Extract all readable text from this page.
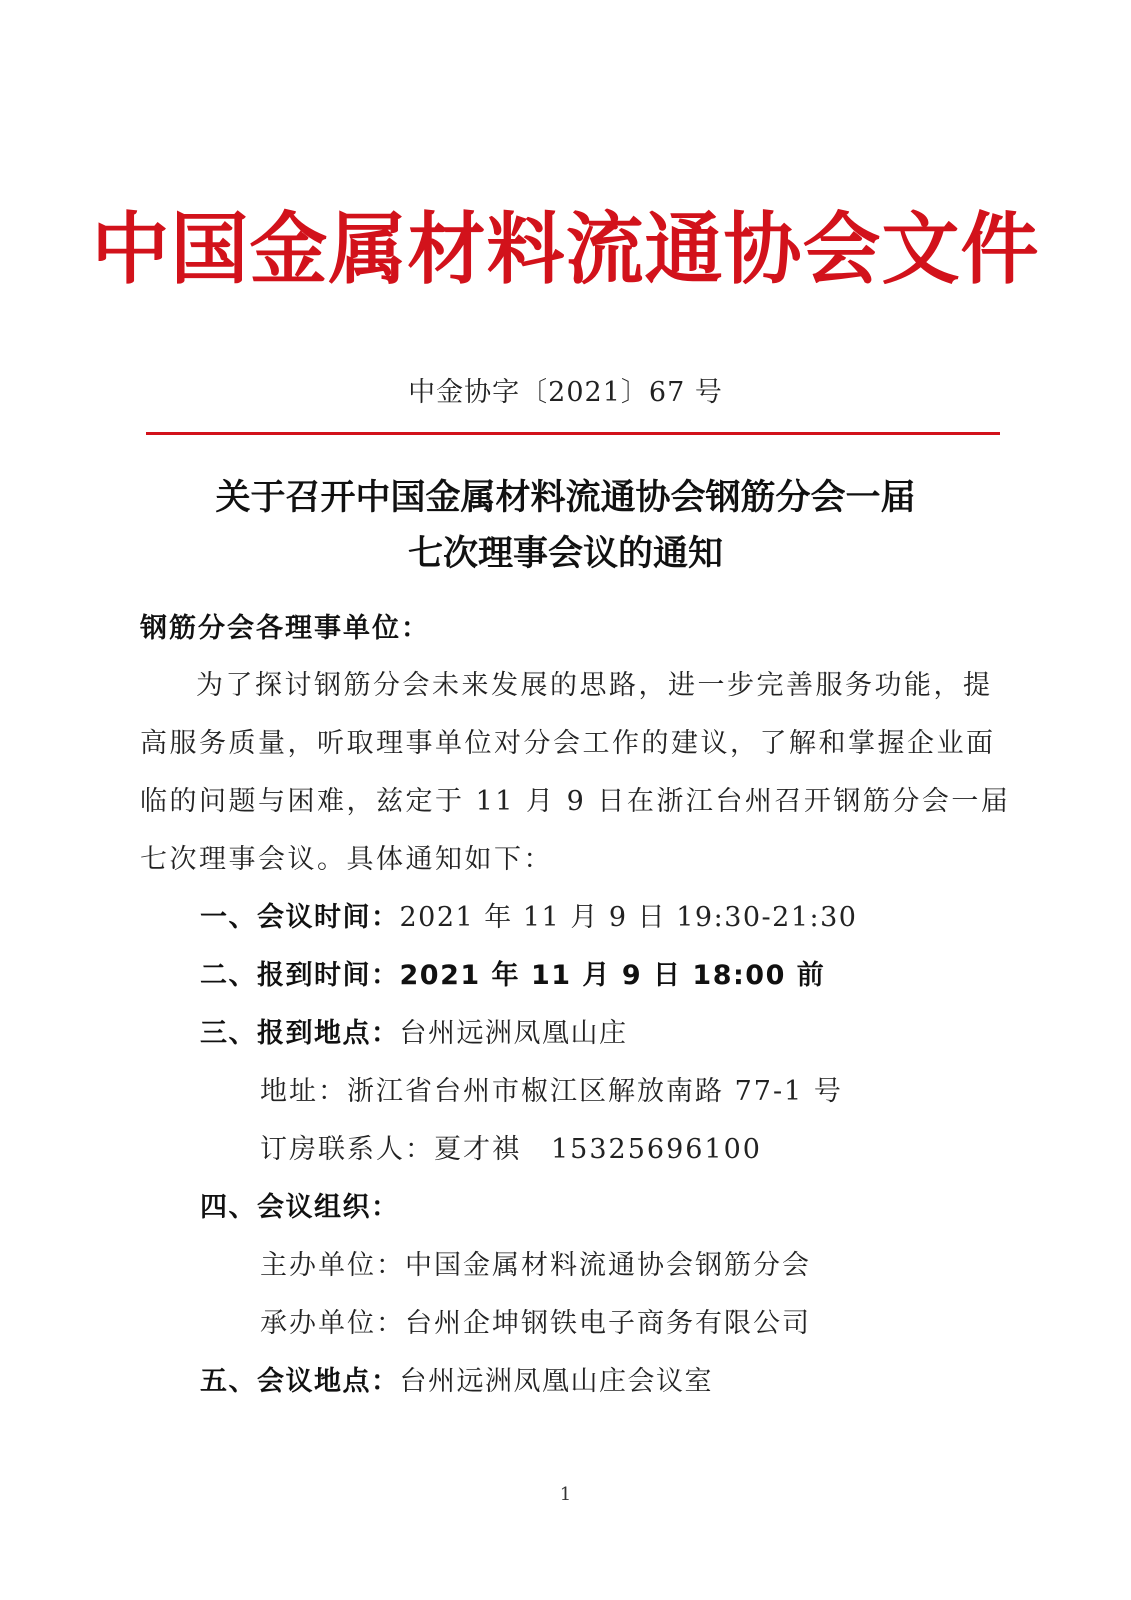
中国金属材料流通协会文件
中金协字〔2021〕67 号
关于召开中国金属材料流通协会钢筋分会一届
七次理事会议的通知
钢筋分会各理事单位：
为了探讨钢筋分会未来发展的思路，进一步完善服务功能，提
高服务质量，听取理事单位对分会工作的建议，了解和掌握企业面
临的问题与困难，兹定于 11 月 9 日在浙江台州召开钢筋分会一届
七次理事会议。具体通知如下：
一、会议时间：2021 年 11 月 9 日 19:30-21:30
二、报到时间：2021 年 11 月 9 日 18:00 前
三、报到地点：台州远洲凤凰山庄
地址：浙江省台州市椒江区解放南路 77-1 号
订房联系人：夏才祺 15325696100
四、会议组织：
主办单位：中国金属材料流通协会钢筋分会
承办单位：台州企坤钢铁电子商务有限公司
五、会议地点：台州远洲凤凰山庄会议室
1
